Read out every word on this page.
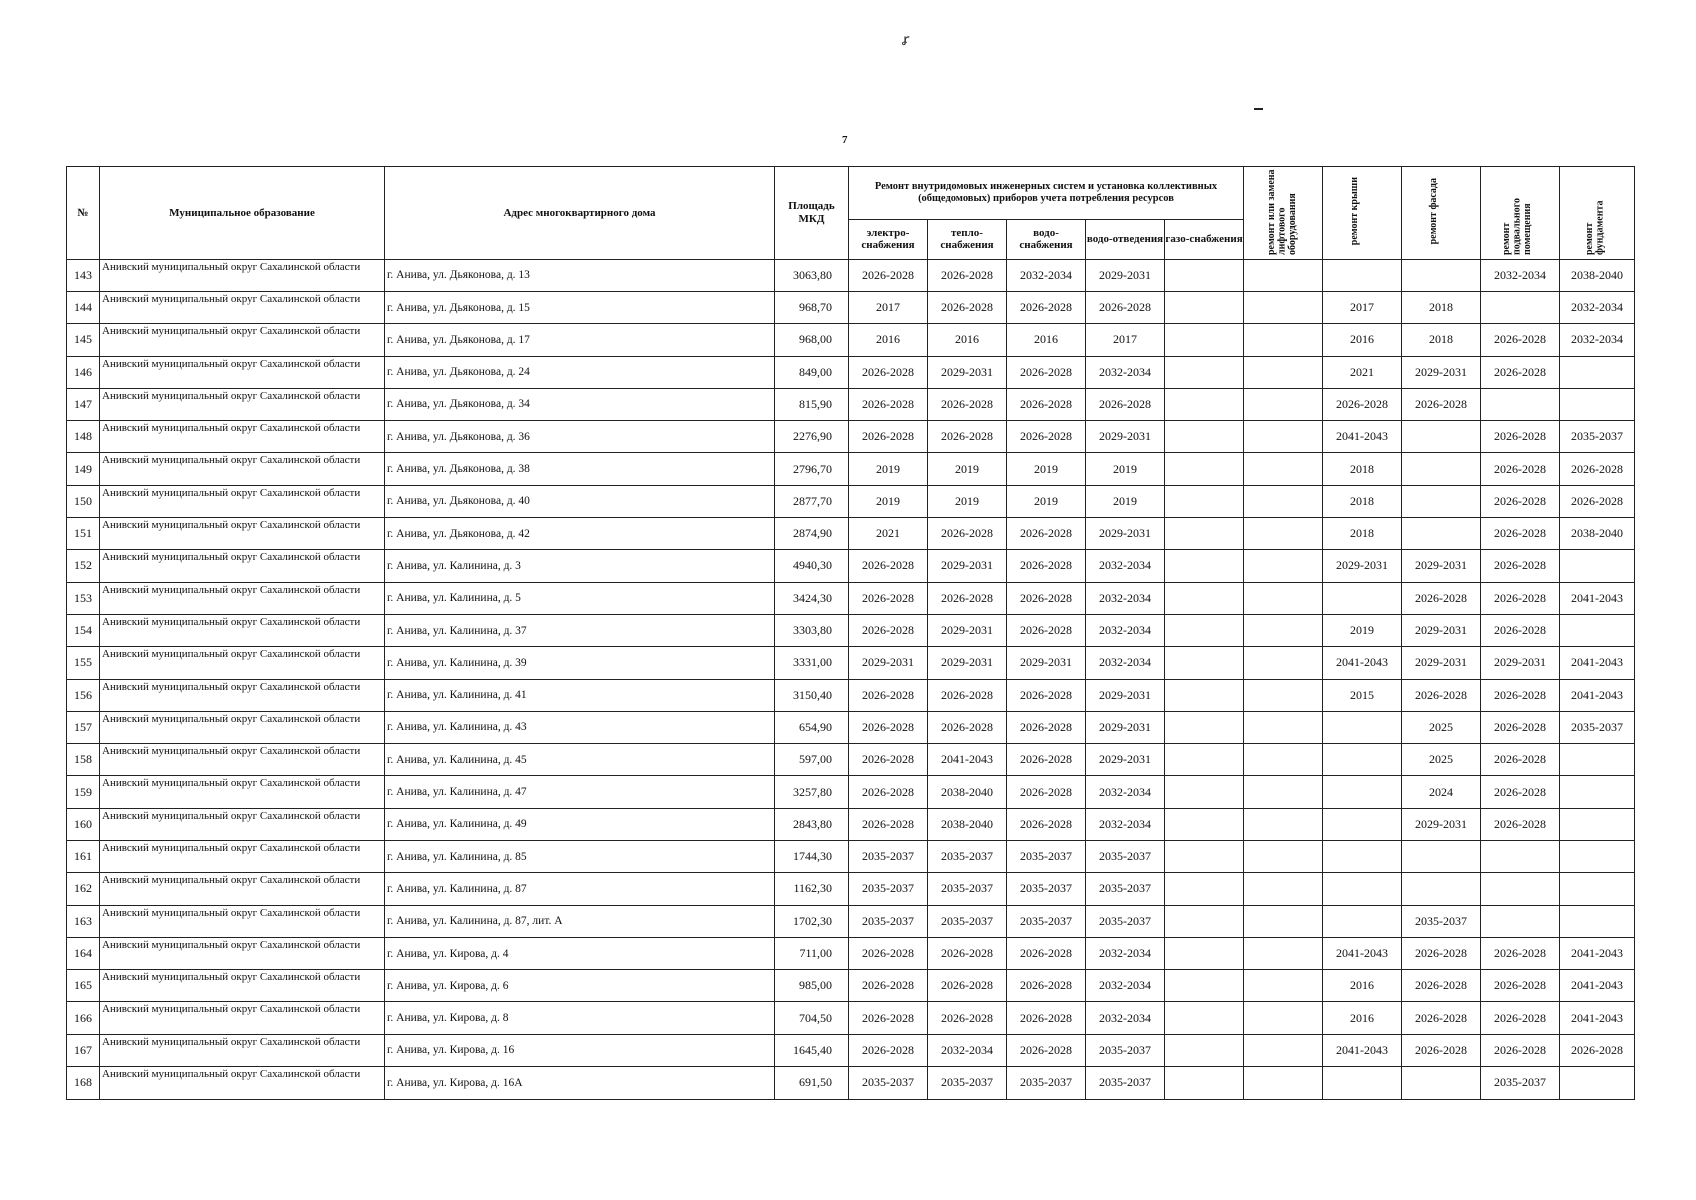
ꭉ
7
№	Муниципальное образование	Адрес многоквартирного дома	Площадь МКД	Ремонт внутридомовых инженерных систем и установка коллективных (общедомовых) приборов учета потребления ресурсов					ремонт или замена лифтового оборудования	ремонт крыши	ремонт фасада	ремонт подвального помещения	ремонт фундамента
				электро-снабжения	тепло-снабжения	водо-снабжения	водо-отведения	газо-снабжения					
143	Анивский муниципальный округ Сахалинской области	г. Анива, ул. Дьяконова, д. 13	3063,80	2026-2028	2026-2028	2032-2034	2029-2031					2032-2034	2038-2040
144	Анивский муниципальный округ Сахалинской области	г. Анива, ул. Дьяконова, д. 15	968,70	2017	2026-2028	2026-2028	2026-2028			2017	2018		2032-2034
145	Анивский муниципальный округ Сахалинской области	г. Анива, ул. Дьяконова, д. 17	968,00	2016	2016	2016	2017			2016	2018	2026-2028	2032-2034
146	Анивский муниципальный округ Сахалинской области	г. Анива, ул. Дьяконова, д. 24	849,00	2026-2028	2029-2031	2026-2028	2032-2034			2021	2029-2031	2026-2028	
147	Анивский муниципальный округ Сахалинской области	г. Анива, ул. Дьяконова, д. 34	815,90	2026-2028	2026-2028	2026-2028	2026-2028			2026-2028	2026-2028		
148	Анивский муниципальный округ Сахалинской области	г. Анива, ул. Дьяконова, д. 36	2276,90	2026-2028	2026-2028	2026-2028	2029-2031			2041-2043		2026-2028	2035-2037
149	Анивский муниципальный округ Сахалинской области	г. Анива, ул. Дьяконова, д. 38	2796,70	2019	2019	2019	2019			2018		2026-2028	2026-2028
150	Анивский муниципальный округ Сахалинской области	г. Анива, ул. Дьяконова, д. 40	2877,70	2019	2019	2019	2019			2018		2026-2028	2026-2028
151	Анивский муниципальный округ Сахалинской области	г. Анива, ул. Дьяконова, д. 42	2874,90	2021	2026-2028	2026-2028	2029-2031			2018		2026-2028	2038-2040
152	Анивский муниципальный округ Сахалинской области	г. Анива, ул. Калинина, д. 3	4940,30	2026-2028	2029-2031	2026-2028	2032-2034			2029-2031	2029-2031	2026-2028	
153	Анивский муниципальный округ Сахалинской области	г. Анива, ул. Калинина, д. 5	3424,30	2026-2028	2026-2028	2026-2028	2032-2034				2026-2028	2026-2028	2041-2043
154	Анивский муниципальный округ Сахалинской области	г. Анива, ул. Калинина, д. 37	3303,80	2026-2028	2029-2031	2026-2028	2032-2034			2019	2029-2031	2026-2028	
155	Анивский муниципальный округ Сахалинской области	г. Анива, ул. Калинина, д. 39	3331,00	2029-2031	2029-2031	2029-2031	2032-2034			2041-2043	2029-2031	2029-2031	2041-2043
156	Анивский муниципальный округ Сахалинской области	г. Анива, ул. Калинина, д. 41	3150,40	2026-2028	2026-2028	2026-2028	2029-2031			2015	2026-2028	2026-2028	2041-2043
157	Анивский муниципальный округ Сахалинской области	г. Анива, ул. Калинина, д. 43	654,90	2026-2028	2026-2028	2026-2028	2029-2031				2025	2026-2028	2035-2037
158	Анивский муниципальный округ Сахалинской области	г. Анива, ул. Калинина, д. 45	597,00	2026-2028	2041-2043	2026-2028	2029-2031				2025	2026-2028	
159	Анивский муниципальный округ Сахалинской области	г. Анива, ул. Калинина, д. 47	3257,80	2026-2028	2038-2040	2026-2028	2032-2034				2024	2026-2028	
160	Анивский муниципальный округ Сахалинской области	г. Анива, ул. Калинина, д. 49	2843,80	2026-2028	2038-2040	2026-2028	2032-2034				2029-2031	2026-2028	
161	Анивский муниципальный округ Сахалинской области	г. Анива, ул. Калинина, д. 85	1744,30	2035-2037	2035-2037	2035-2037	2035-2037						
162	Анивский муниципальный округ Сахалинской области	г. Анива, ул. Калинина, д. 87	1162,30	2035-2037	2035-2037	2035-2037	2035-2037						
163	Анивский муниципальный округ Сахалинской области	г. Анива, ул. Калинина, д. 87, лит. А	1702,30	2035-2037	2035-2037	2035-2037	2035-2037				2035-2037		
164	Анивский муниципальный округ Сахалинской области	г. Анива, ул. Кирова, д. 4	711,00	2026-2028	2026-2028	2026-2028	2032-2034			2041-2043	2026-2028	2026-2028	2041-2043
165	Анивский муниципальный округ Сахалинской области	г. Анива, ул. Кирова, д. 6	985,00	2026-2028	2026-2028	2026-2028	2032-2034			2016	2026-2028	2026-2028	2041-2043
166	Анивский муниципальный округ Сахалинской области	г. Анива, ул. Кирова, д. 8	704,50	2026-2028	2026-2028	2026-2028	2032-2034			2016	2026-2028	2026-2028	2041-2043
167	Анивский муниципальный округ Сахалинской области	г. Анива, ул. Кирова, д. 16	1645,40	2026-2028	2032-2034	2026-2028	2035-2037			2041-2043	2026-2028	2026-2028	2026-2028
168	Анивский муниципальный округ Сахалинской области	г. Анива, ул. Кирова, д. 16А	691,50	2035-2037	2035-2037	2035-2037	2035-2037					2035-2037	
